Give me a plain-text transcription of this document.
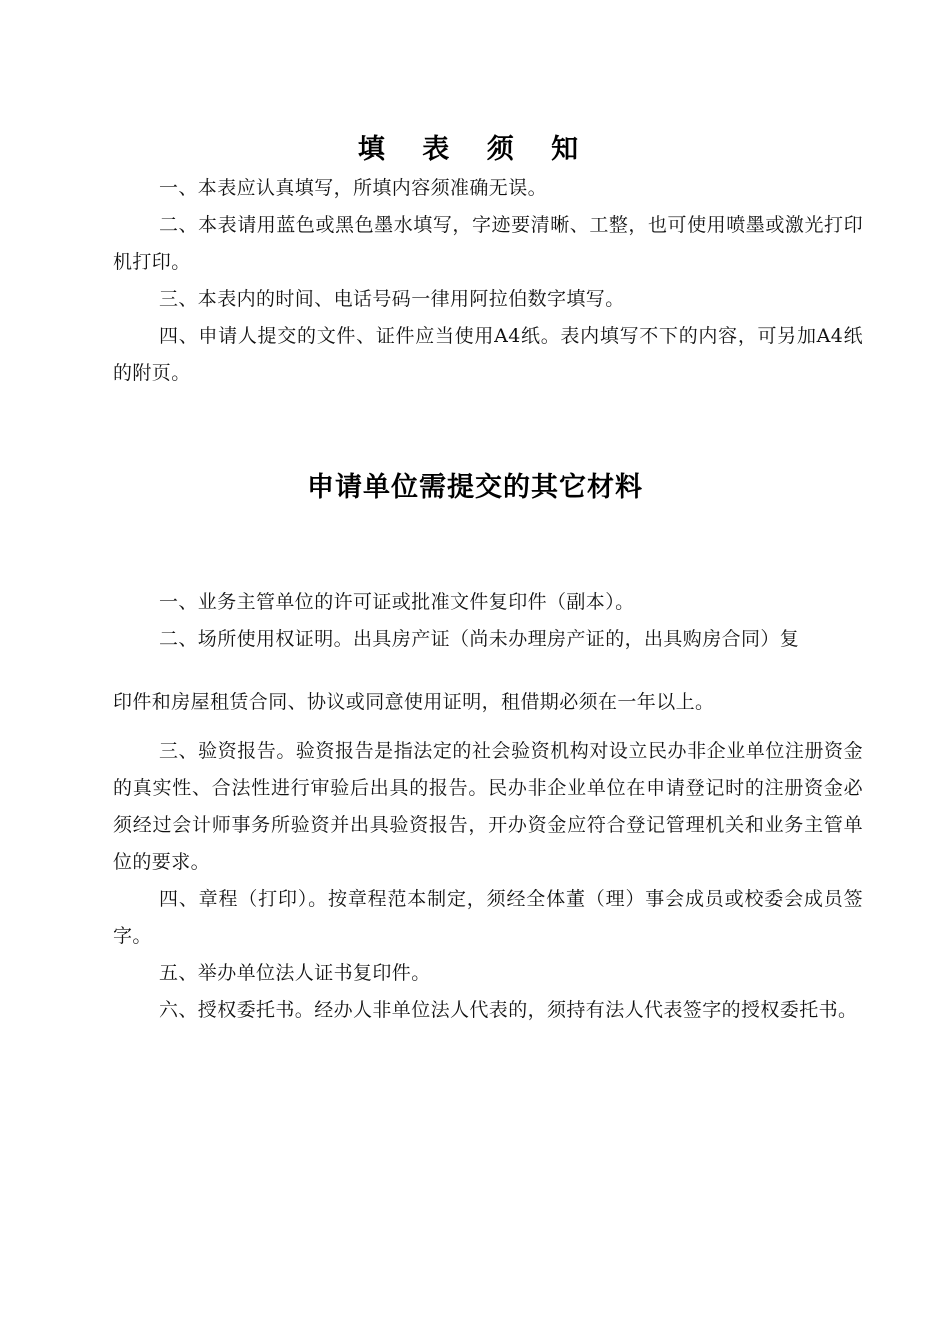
填 表 须 知

一、本表应认真填写，所填内容须准确无误。

二、本表请用蓝色或黑色墨水填写，字迹要清晰、工整，也可使用喷墨或激光打印机打印。

三、本表内的时间、电话号码一律用阿拉伯数字填写。

四、申请人提交的文件、证件应当使用A4纸。表内填写不下的内容，可另加A4纸的附页。

申请单位需提交的其它材料

一、业务主管单位的许可证或批准文件复印件（副本）。

二、场所使用权证明。出具房产证（尚未办理房产证的，出具购房合同）复

印件和房屋租赁合同、协议或同意使用证明，租借期必须在一年以上。

三、验资报告。验资报告是指法定的社会验资机构对设立民办非企业单位注册资金的真实性、合法性进行审验后出具的报告。民办非企业单位在申请登记时的注册资金必须经过会计师事务所验资并出具验资报告，开办资金应符合登记管理机关和业务主管单位的要求。

四、章程（打印）。按章程范本制定，须经全体董（理）事会成员或校委会成员签字。

五、举办单位法人证书复印件。

六、授权委托书。经办人非单位法人代表的，须持有法人代表签字的授权委托书。
